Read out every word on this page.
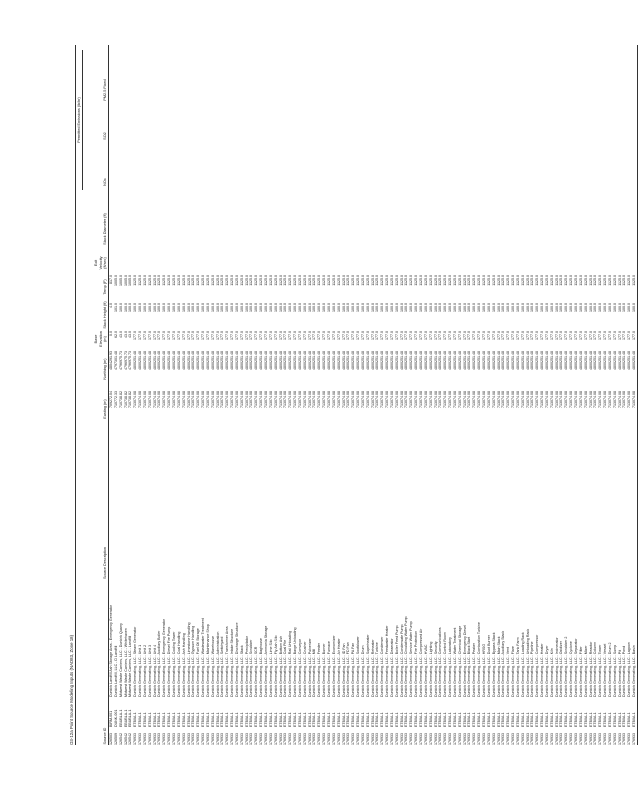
O3-12a Point Source Modeling Inputs (NAD83, Zone 18)
Permitted Emissions (lb/hr)
Source ID
Source Description
Easting (m)
Northing (m)
Base Elevation (m)
Stack Height (ft)
Temp (F)
Exit Velocity (ft/sec)
Stack Diameter (ft)
NOx
SO2
PM2.5 Fixed
126503
BIRM-001
Dunkirk Landfill Ash Storage Area - Emergency Generator
709272.04
4804291.93
0.0
4.0
817.0
126509
DUNK-001
Dunkirk Landfill, LLC - D Landfill
710772.33
4797301.48
62.0
101.0
1005.0
126542
EBUBLA-1
Midwest Waste Carriers, LLC - Dunkirk Quarry
710738.82
4796975.73
43.0
100.0
1005.0
126542
EBUBLA-1
Midwest Waste Carriers, LLC - Whitehaven
710738.82
4796975.73
43.0
100.0
1005.0
126542
EBUBLA-1
Midwest Waste Carriers, LLC - Landfill
710738.82
4796975.73
43.0
100.0
1005.0
176933
ETB0A-1
Dunkirk Generating, LLC - Steam Generator
713074.08
4800251.48
177.0
100.0
1125.0
176933
ETB0A-1
Dunkirk Generating, LLC - Unit 1
713074.08
4800251.48
177.0
100.0
1125.0
176933
ETB0A-1
Dunkirk Generating, LLC - Unit 2
713074.08
4800251.48
177.0
100.0
1125.0
176933
ETB0A-1
Dunkirk Generating, LLC - Unit 3
713074.08
4800251.48
177.0
100.0
1125.0
176933
ETB0A-1
Dunkirk Generating, LLC - Unit 4
713074.08
4800251.48
177.0
100.0
1125.0
176933
ETB0A-1
Dunkirk Generating, LLC - Auxiliary Boiler
713074.08
4800251.48
177.0
100.0
1125.0
176933
ETB0A-1
Dunkirk Generating, LLC - Emergency Generator
713074.08
4800251.48
177.0
100.0
1125.0
176933
ETB0A-1
Dunkirk Generating, LLC - Diesel Fire Pump
713074.08
4800251.48
177.0
100.0
1125.0
176933
ETB0A-1
Dunkirk Generating, LLC - Cooling Tower
713074.08
4800251.48
177.0
100.0
1125.0
176933
ETB0A-1
Dunkirk Generating, LLC - Coal Handling
713074.08
4800251.48
177.0
100.0
1125.0
176933
ETB0A-1
Dunkirk Generating, LLC - Ash Handling
713074.08
4800251.48
177.0
100.0
1125.0
176933
ETB0A-1
Dunkirk Generating, LLC - Limestone Handling
713074.08
4800251.48
177.0
100.0
1125.0
176933
ETB0A-1
Dunkirk Generating, LLC - Gypsum Handling
713074.08
4800251.48
177.0
100.0
1125.0
176933
ETB0A-1
Dunkirk Generating, LLC - Fuel Oil Storage
713074.08
4800251.48
177.0
100.0
1125.0
176933
ETB0A-1
Dunkirk Generating, LLC - Wastewater Treatment
713074.08
4800251.48
177.0
100.0
1125.0
176933
ETB0A-1
Dunkirk Generating, LLC - Maintenance Shop
713074.08
4800251.48
177.0
100.0
1125.0
176933
ETB0A-1
Dunkirk Generating, LLC - Warehouse
713074.08
4800251.48
177.0
100.0
1125.0
176933
ETB0A-1
Dunkirk Generating, LLC - Administration
713074.08
4800251.48
177.0
100.0
1125.0
176933
ETB0A-1
Dunkirk Generating, LLC - Switchyard
713074.08
4800251.48
177.0
100.0
1125.0
176933
ETB0A-1
Dunkirk Generating, LLC - Transformer Area
713074.08
4800251.48
177.0
100.0
1125.0
176933
ETB0A-1
Dunkirk Generating, LLC - Intake Structure
713074.08
4800251.48
177.0
100.0
1125.0
176933
ETB0A-1
Dunkirk Generating, LLC - Discharge Structure
713074.08
4800251.48
177.0
100.0
1125.0
176933
ETB0A-1
Dunkirk Generating, LLC - Stack
713074.08
4800251.48
177.0
100.0
1125.0
176933
ETB0A-1
Dunkirk Generating, LLC - Precipitator
713074.08
4800251.48
177.0
100.0
1125.0
176933
ETB0A-1
Dunkirk Generating, LLC - Scrubber
713074.08
4800251.48
177.0
100.0
1125.0
176933
ETB0A-1
Dunkirk Generating, LLC - SCR
713074.08
4800251.48
177.0
100.0
1125.0
176933
ETB0A-1
Dunkirk Generating, LLC - Baghouse
713074.08
4800251.48
177.0
100.0
1125.0
176933
ETB0A-1
Dunkirk Generating, LLC - Ammonia Storage
713074.08
4800251.48
177.0
100.0
1125.0
176933
ETB0A-1
Dunkirk Generating, LLC - Lime Silo
713074.08
4800251.48
177.0
100.0
1125.0
176933
ETB0A-1
Dunkirk Generating, LLC - Fly Ash Silo
713074.08
4800251.48
177.0
100.0
1125.0
176933
ETB0A-1
Dunkirk Generating, LLC - Bottom Ash
713074.08
4800251.48
177.0
100.0
1125.0
176933
ETB0A-1
Dunkirk Generating, LLC - Coal Pile
713074.08
4800251.48
177.0
100.0
1125.0
176933
ETB0A-1
Dunkirk Generating, LLC - Rail Unloading
713074.08
4800251.48
177.0
100.0
1125.0
176933
ETB0A-1
Dunkirk Generating, LLC - Barge Unloading
713074.08
4800251.48
177.0
100.0
1125.0
176933
ETB0A-1
Dunkirk Generating, LLC - Conveyor
713074.08
4800251.48
177.0
100.0
1125.0
176933
ETB0A-1
Dunkirk Generating, LLC - Crusher
713074.08
4800251.48
177.0
100.0
1125.0
176933
ETB0A-1
Dunkirk Generating, LLC - Pulverizer
713074.08
4800251.48
177.0
100.0
1125.0
176933
ETB0A-1
Dunkirk Generating, LLC - Mill
713074.08
4800251.48
177.0
100.0
1125.0
176933
ETB0A-1
Dunkirk Generating, LLC - Feeder
713074.08
4800251.48
177.0
100.0
1125.0
176933
ETB0A-1
Dunkirk Generating, LLC - Burner
713074.08
4800251.48
177.0
100.0
1125.0
176933
ETB0A-1
Dunkirk Generating, LLC - Furnace
713074.08
4800251.48
177.0
100.0
1125.0
176933
ETB0A-1
Dunkirk Generating, LLC - Economizer
713074.08
4800251.48
177.0
100.0
1125.0
176933
ETB0A-1
Dunkirk Generating, LLC - Air Heater
713074.08
4800251.48
177.0
100.0
1125.0
176933
ETB0A-1
Dunkirk Generating, LLC - ID Fan
713074.08
4800251.48
177.0
100.0
1125.0
176933
ETB0A-1
Dunkirk Generating, LLC - FD Fan
713074.08
4800251.48
177.0
100.0
1125.0
176933
ETB0A-1
Dunkirk Generating, LLC - PA Fan
713074.08
4800251.48
177.0
100.0
1125.0
176933
ETB0A-1
Dunkirk Generating, LLC - Sootblower
713074.08
4800251.48
177.0
100.0
1125.0
176933
ETB0A-1
Dunkirk Generating, LLC - Drum
713074.08
4800251.48
177.0
100.0
1125.0
176933
ETB0A-1
Dunkirk Generating, LLC - Superheater
713074.08
4800251.48
177.0
100.0
1125.0
176933
ETB0A-1
Dunkirk Generating, LLC - Reheater
713074.08
4800251.48
177.0
100.0
1125.0
176933
ETB0A-1
Dunkirk Generating, LLC - Turbine
713074.08
4800251.48
177.0
100.0
1125.0
176933
ETB0A-1
Dunkirk Generating, LLC - Condenser
713074.08
4800251.48
177.0
100.0
1125.0
176933
ETB0A-1
Dunkirk Generating, LLC - Feedwater Heater
713074.08
4800251.48
177.0
100.0
1125.0
176933
ETB0A-1
Dunkirk Generating, LLC - Deaerator
713074.08
4800251.48
177.0
100.0
1125.0
176933
ETB0A-1
Dunkirk Generating, LLC - Boiler Feed Pump
713074.08
4800251.48
177.0
100.0
1125.0
176933
ETB0A-1
Dunkirk Generating, LLC - Condensate Pump
713074.08
4800251.48
177.0
100.0
1125.0
176933
ETB0A-1
Dunkirk Generating, LLC - Circulating Water Pump
713074.08
4800251.48
177.0
100.0
1125.0
176933
ETB0A-1
Dunkirk Generating, LLC - Service Water Pump
713074.08
4800251.48
177.0
100.0
1125.0
176933
ETB0A-1
Dunkirk Generating, LLC - Fire Protection
713074.08
4800251.48
177.0
100.0
1125.0
176933
ETB0A-1
Dunkirk Generating, LLC - Compressed Air
713074.08
4800251.48
177.0
100.0
1125.0
176933
ETB0A-1
Dunkirk Generating, LLC - HVAC
713074.08
4800251.48
177.0
100.0
1125.0
176933
ETB0A-1
Dunkirk Generating, LLC - Lighting
713074.08
4800251.48
177.0
100.0
1125.0
176933
ETB0A-1
Dunkirk Generating, LLC - Security
713074.08
4800251.48
177.0
100.0
1125.0
176933
ETB0A-1
Dunkirk Generating, LLC - Communications
713074.08
4800251.48
177.0
100.0
1125.0
176933
ETB0A-1
Dunkirk Generating, LLC - Control Room
713074.08
4800251.48
177.0
100.0
1125.0
176933
ETB0A-1
Dunkirk Generating, LLC - Laboratory
713074.08
4800251.48
177.0
100.0
1125.0
176933
ETB0A-1
Dunkirk Generating, LLC - Water Treatment
713074.08
4800251.48
177.0
100.0
1125.0
176933
ETB0A-1
Dunkirk Generating, LLC - Chemical Storage
713074.08
4800251.48
177.0
100.0
1125.0
176933
ETB0A-1
Dunkirk Generating, LLC - Emergency Diesel
713074.08
4800251.48
177.0
100.0
1125.0
176933
ETB0A-1
Dunkirk Generating, LLC - Black Start
713074.08
4800251.48
177.0
100.0
1125.0
176933
ETB0A-1
Dunkirk Generating, LLC - Peaker
713074.08
4800251.48
177.0
100.0
1125.0
176933
ETB0A-1
Dunkirk Generating, LLC - Combustion Turbine
713074.08
4800251.48
177.0
100.0
1125.0
176933
ETB0A-1
Dunkirk Generating, LLC - HRSG
713074.08
4800251.48
177.0
100.0
1125.0
176933
ETB0A-1
Dunkirk Generating, LLC - Duct Burner
713074.08
4800251.48
177.0
100.0
1125.0
176933
ETB0A-1
Dunkirk Generating, LLC - Bypass Stack
713074.08
4800251.48
177.0
100.0
1125.0
176933
ETB0A-1
Dunkirk Generating, LLC - Main Stack
713074.08
4800251.48
177.0
100.0
1125.0
176933
ETB0A-1
Dunkirk Generating, LLC - Auxiliary Stack
713074.08
4800251.48
177.0
100.0
1125.0
176933
ETB0A-1
Dunkirk Generating, LLC - Vent
713074.08
4800251.48
177.0
100.0
1125.0
176933
ETB0A-1
Dunkirk Generating, LLC - Flare
713074.08
4800251.48
177.0
100.0
1125.0
176933
ETB0A-1
Dunkirk Generating, LLC - Tank Farm
713074.08
4800251.48
177.0
100.0
1125.0
176933
ETB0A-1
Dunkirk Generating, LLC - Loading Rack
713074.08
4800251.48
177.0
100.0
1125.0
176933
ETB0A-1
Dunkirk Generating, LLC - Unloading Rack
713074.08
4800251.48
177.0
100.0
1125.0
176933
ETB0A-1
Dunkirk Generating, LLC - Pipeline
713074.08
4800251.48
177.0
100.0
1125.0
176933
ETB0A-1
Dunkirk Generating, LLC - Compressor
713074.08
4800251.48
177.0
100.0
1125.0
176933
ETB0A-1
Dunkirk Generating, LLC - Heater
713074.08
4800251.48
177.0
100.0
1125.0
176933
ETB0A-1
Dunkirk Generating, LLC - Dryer
713074.08
4800251.48
177.0
100.0
1125.0
176933
ETB0A-1
Dunkirk Generating, LLC - Kiln
713074.08
4800251.48
177.0
100.0
1125.0
176933
ETB0A-1
Dunkirk Generating, LLC - Incinerator
713074.08
4800251.48
177.0
100.0
1125.0
176933
ETB0A-1
Dunkirk Generating, LLC - Oxidizer
713074.08
4800251.48
177.0
100.0
1125.0
176933
ETB0A-1
Dunkirk Generating, LLC - Scrubber 2
713074.08
4800251.48
177.0
100.0
1125.0
176933
ETB0A-1
Dunkirk Generating, LLC - Cyclone
713074.08
4800251.48
177.0
100.0
1125.0
176933
ETB0A-1
Dunkirk Generating, LLC - Separator
713074.08
4800251.48
177.0
100.0
1125.0
176933
ETB0A-1
Dunkirk Generating, LLC - Filter
713074.08
4800251.48
177.0
100.0
1125.0
176933
ETB0A-1
Dunkirk Generating, LLC - Mixer
713074.08
4800251.48
177.0
100.0
1125.0
176933
ETB0A-1
Dunkirk Generating, LLC - Reactor
713074.08
4800251.48
177.0
100.0
1125.0
176933
ETB0A-1
Dunkirk Generating, LLC - Column
713074.08
4800251.48
177.0
100.0
1125.0
176933
ETB0A-1
Dunkirk Generating, LLC - Tower
713074.08
4800251.48
177.0
100.0
1125.0
176933
ETB0A-1
Dunkirk Generating, LLC - Vessel
713074.08
4800251.48
177.0
100.0
1125.0
176933
ETB0A-1
Dunkirk Generating, LLC - Drum 2
713074.08
4800251.48
177.0
100.0
1125.0
176933
ETB0A-1
Dunkirk Generating, LLC - Sump
713074.08
4800251.48
177.0
100.0
1125.0
176933
ETB0A-1
Dunkirk Generating, LLC - Pit
713074.08
4800251.48
177.0
100.0
1125.0
176933
ETB0A-1
Dunkirk Generating, LLC - Pond
713074.08
4800251.48
177.0
100.0
1125.0
176933
ETB0A-1
Dunkirk Generating, LLC - Lagoon
713074.08
4800251.48
177.0
100.0
1125.0
176933
ETB0A-1
Dunkirk Generating, LLC - Basin
713074.08
4800251.48
177.0
100.0
1125.0
